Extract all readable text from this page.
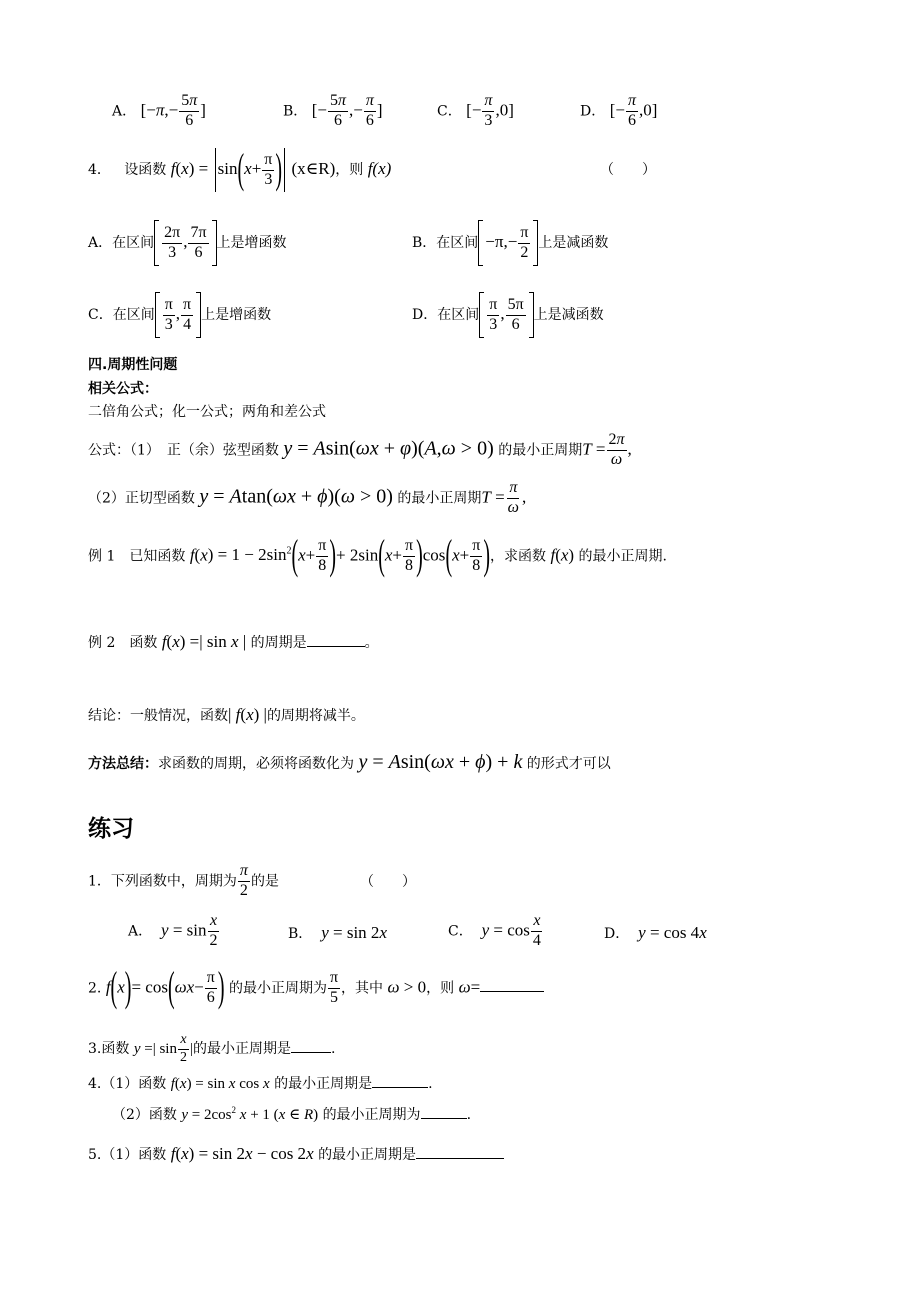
A． [$-\pi,- \frac{5\pi}{6}$ ]	B． [− $\frac{5\pi}{6}$ ,− $\frac{\pi}{6}$ ]	C． [− $\frac{\pi}{3} ,0$]	D． [− $\frac{\pi}{6} ,0$]
4． 设函数 $f(x) = \sin(x+ \frac{\pi}{3}$ ) (x∈R)，则 f(x)	（　　）
A．在区间 $\frac{2\pi}{3}$ , $\frac{7\pi}{6}$ 上是增函数	B．在区间 $-\pi,- \frac{\pi}{2}$ 上是减函数
C．在区间 $\frac{\pi}{3}$ , $\frac{\pi}{4}$ 上是增函数	D．在区间 $\frac{\pi}{3}$ , $\frac{5\pi}{6}$ 上是减函数
四.周期性问题
相关公式：
二倍角公式；化一公式；两角和差公式
公式：（1）　正（余）弦型函数 y = Asin(ωx + φ)(A,ω > 0) 的最小正周期$T = \frac{2\pi}{\omega}$ ,
（2）正切型函数 y = Atan(ωx + ϕ)(ω > 0) 的最小正周期$T = \frac{\pi}{\omega}$ ,
例 1　已知函数 $f(x) = 1 - 2\sin^2(x+ \frac{\pi}{8}$ )+ $2\sin(x+ \frac{\pi}{8} )\cos(x+ \frac{\pi}{8}$ )，求函数 f(x) 的最小正周期.
例 2　函数 f(x) =| sin x | 的周期是	。
结论：一般情况，函数| f(x) |的周期将减半。
方法总结：求函数的周期，必须将函数化为 y = Asin(ωx + ϕ) + k 的形式才可以
练习
1．下列函数中，周期为 $\frac{\pi}{2}$ 的是	（　　）
A． $y = \sin \frac{x}{2}$	B． y = sin 2x	C． $y = \cos \frac{x}{4}$	D． y = cos 4x
2. $f(x)= \cos(\omega x- \frac{\pi}{6}$ ) 的最小正周期为 $\frac{\pi}{5}$ ，其中 ω > 0，则 ω=
3.函数 y =| $\sin \frac{x}{2}$ |的最小正周期是	.
4.（1）函数 f(x) = sin x cos x 的最小正周期是	.
（2）函数 $y = 2\cos^2$ x + 1 (x ∈ R) 的最小正周期为	.
5.（1）函数 f(x) = sin 2x − cos 2x 的最小正周期是
